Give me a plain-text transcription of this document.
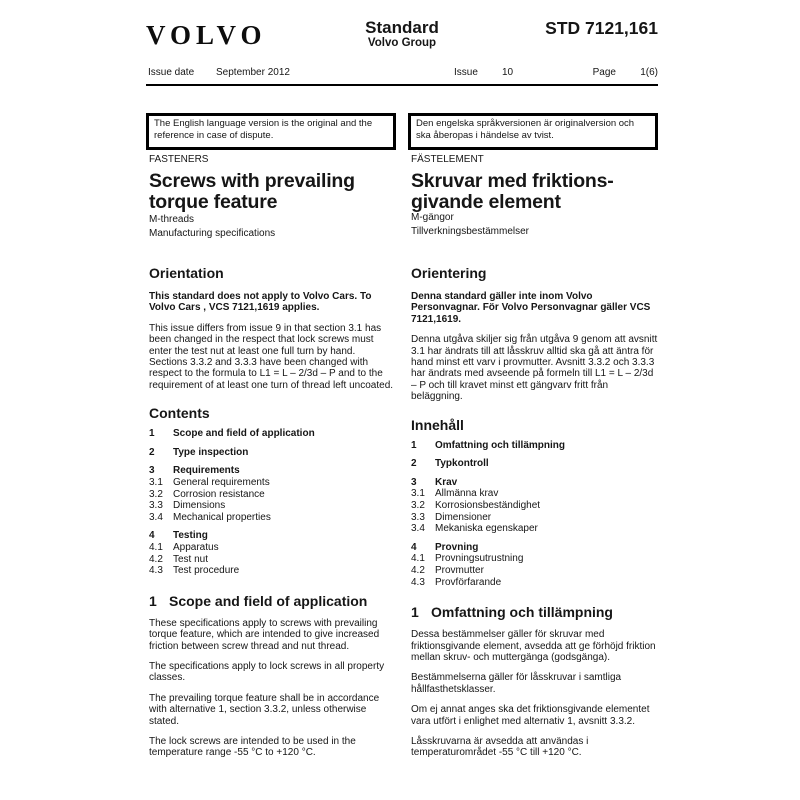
VOLVO	Standard
Volvo Group
STD 7121,161
Issue date September 2012	Issue 10	Page 1(6)
The English language version is the original and the reference in case of dispute.
Den engelska språkversionen är originalversion och ska åberopas i händelse av tvist.
FASTENERS	FÄSTELEMENT
Screws with prevailing torque feature
Skruvar med friktionsgivande element
M-threads	M-gängor
Manufacturing specifications	Tillverkningsbestämmelser
Orientation

This standard does not apply to Volvo Cars. To Volvo Cars , VCS 7121,1619 applies.

This issue differs from issue 9 in that section 3.1 has been changed in the respect that lock screws must enter the test nut at least one full turn by hand. Sections 3.3.2 and 3.3.3 have been changed with respect to the formula to L1 = L – 2/3d – P and to the requirement of at least one turn of thread left uncoated.

Contents
1	Scope and field of application
2	Type inspection
3	Requirements
3.1	General requirements
3.2	Corrosion resistance
3.3	Dimensions
3.4	Mechanical properties
4	Testing
4.1	Apparatus
4.2	Test nut
4.3	Test procedure
1 Scope and field of application

These specifications apply to screws with prevailing torque feature, which are intended to give increased friction between screw thread and nut thread.

The specifications apply to lock screws in all property classes.

The prevailing torque feature shall be in accordance with alternative 1, section 3.3.2, unless otherwise stated.

The lock screws are intended to be used in the temperature range -55 °C to +120 °C.

Orientering

Denna standard gäller inte inom Volvo Personvagnar. För Volvo Personvagnar gäller VCS 7121,1619.

Denna utgåva skiljer sig från utgåva 9 genom att avsnitt 3.1 har ändrats till att låsskruv alltid ska gå att äntra för hand minst ett varv i provmutter. Avsnitt 3.3.2 och 3.3.3 har ändrats med avseende på formeln till L1 = L – 2/3d – P och till kravet minst ett gängvarv fritt från beläggning.

Innehåll
1	Omfattning och tillämpning
2	Typkontroll
3	Krav
3.1	Allmänna krav
3.2	Korrosionsbeständighet
3.3	Dimensioner
3.4	Mekaniska egenskaper
4	Provning
4.1	Provningsutrustning
4.2	Provmutter
4.3	Provförfarande
1 Omfattning och tillämpning

Dessa bestämmelser gäller för skruvar med friktionsgivande element, avsedda att ge förhöjd friktion mellan skruv- och muttergänga (godsgänga).

Bestämmelserna gäller för låsskruvar i samtliga hållfasthetsklasser.

Om ej annat anges ska det friktionsgivande elementet vara utfört i enlighet med alternativ 1, avsnitt 3.3.2.

Låsskruvarna är avsedda att användas i temperaturområdet -55 °C till +120 °C.
